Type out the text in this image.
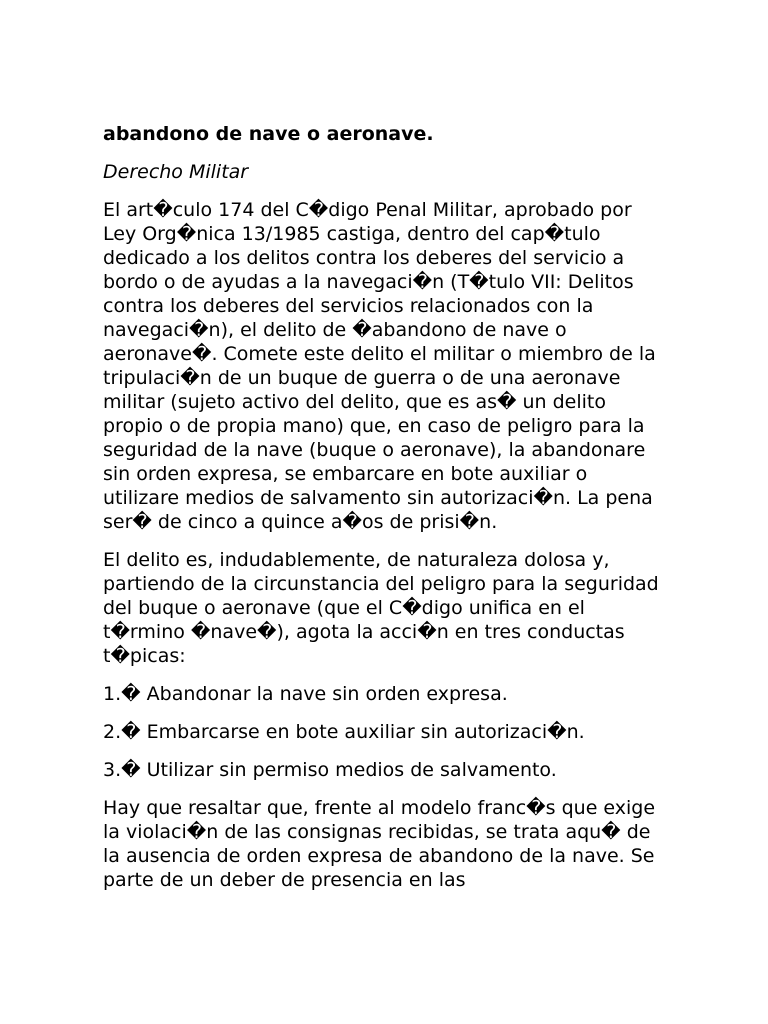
abandono de nave o aeronave.

Derecho Militar

El art�culo 174 del C�digo Penal Militar, aprobado por Ley Org�nica 13/1985 castiga, dentro del cap�tulo dedicado a los delitos contra los deberes del servicio a bordo o de ayudas a la navegaci�n (T�tulo VII: Delitos contra los deberes del servicios relacionados con la navegaci�n), el delito de �abandono de nave o aeronave�. Comete este delito el militar o miembro de la tripulaci�n de un buque de guerra o de una aeronave militar (sujeto activo del delito, que es as� un delito propio o de propia mano) que, en caso de peligro para la seguridad de la nave (buque o aeronave), la abandonare sin orden expresa, se embarcare en bote auxiliar o utilizare medios de salvamento sin autorizaci�n. La pena ser� de cinco a quince a�os de prisi�n.

El delito es, indudablemente, de naturaleza dolosa y, partiendo de la circunstancia del peligro para la seguridad del buque o aeronave (que el C�digo unifica en el t�rmino �nave�), agota la acci�n en tres conductas t�picas:

1.� Abandonar la nave sin orden expresa.

2.� Embarcarse en bote auxiliar sin autorizaci�n.

3.� Utilizar sin permiso medios de salvamento.

Hay que resaltar que, frente al modelo franc�s que exige la violaci�n de las consignas recibidas, se trata aqu� de la ausencia de orden expresa de abandono de la nave. Se parte de un deber de presencia en las
